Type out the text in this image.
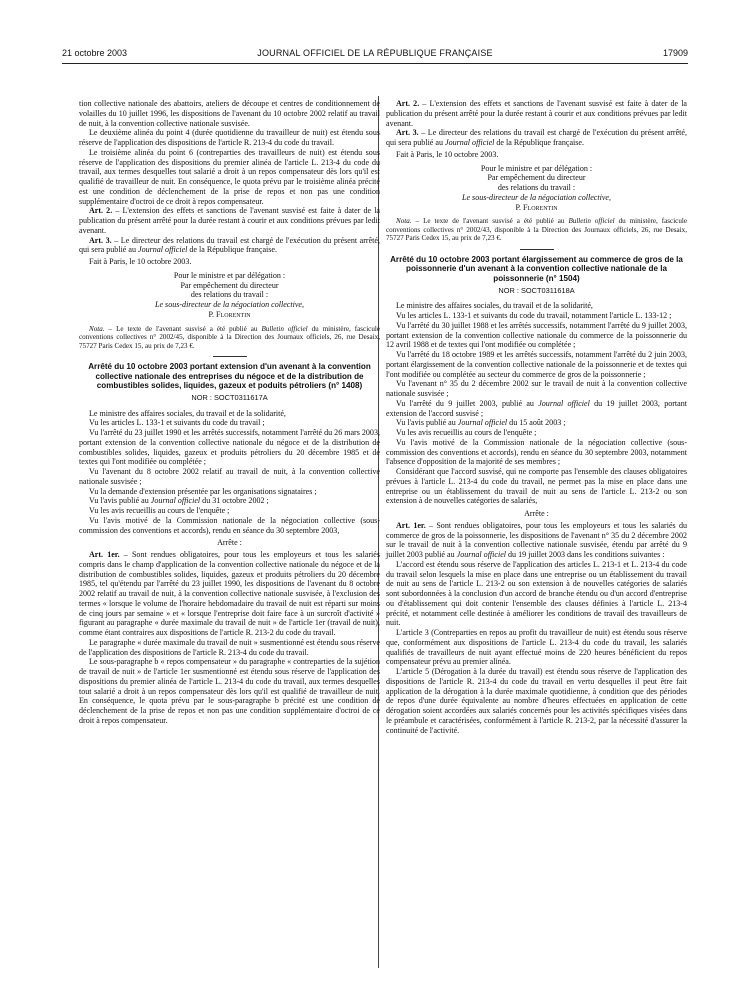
21 octobre 2003	JOURNAL OFFICIEL DE LA RÉPUBLIQUE FRANÇAISE	17909

tion collective nationale des abattoirs, ateliers de découpe et centres de conditionnement de volailles du 10 juillet 1996, les dispositions de l'avenant du 10 octobre 2002 relatif au travail de nuit, à la convention collective nationale susvisée.

Le deuxième alinéa du point 4 (durée quotidienne du travailleur de nuit) est étendu sous réserve de l'application des dispositions de l'article R. 213-4 du code du travail.

Le troisième alinéa du point 6 (contreparties des travailleurs de nuit) est étendu sous réserve de l'application des dispositions du premier alinéa de l'article L. 213-4 du code du travail, aux termes desquelles tout salarié a droit à un repos compensateur dès lors qu'il est qualifié de travailleur de nuit. En conséquence, le quota prévu par le troisième alinéa précité est une condition de déclenchement de la prise de repos et non pas une condition supplémentaire d'octroi de ce droit à repos compensateur.

Art. 2. – L'extension des effets et sanctions de l'avenant susvisé est faite à dater de la publication du présent arrêté pour la durée restant à courir et aux conditions prévues par ledit avenant.

Art. 3. – Le directeur des relations du travail est chargé de l'exécution du présent arrêté, qui sera publié au Journal officiel de la République française.

Fait à Paris, le 10 octobre 2003.

Pour le ministre et par délégation :
Par empêchement du directeur
des relations du travail :
Le sous-directeur de la négociation collective,
P. Florentin

Nota. – Le texte de l'avenant susvisé a été publié au Bulletin officiel du ministère, fascicule conventions collectives n° 2002/45, disponible à la Direction des Journaux officiels, 26, rue Desaix, 75727 Paris Cedex 15, au prix de 7,23 €.

Arrêté du 10 octobre 2003 portant extension d'un avenant à la convention collective nationale des entreprises du négoce et de la distribution de combustibles solides, liquides, gazeux et poduits pétroliers (n° 1408)
NOR : SOCT0311617A

Le ministre des affaires sociales, du travail et de la solidarité,

Vu les articles L. 133-1 et suivants du code du travail ;

Vu l'arrêté du 23 juillet 1990 et les arrêtés successifs, notamment l'arrêté du 26 mars 2003, portant extension de la convention collective nationale du négoce et de la distribution de combustibles solides, liquides, gazeux et produits pétroliers du 20 décembre 1985 et de textes qui l'ont modifiée ou complétée ;

Vu l'avenant du 8 octobre 2002 relatif au travail de nuit, à la convention collective nationale susvisée ;

Vu la demande d'extension présentée par les organisations signataires ;

Vu l'avis publié au Journal officiel du 31 octobre 2002 ;

Vu les avis recueillis au cours de l'enquête ;

Vu l'avis motivé de la Commission nationale de la négociation collective (sous-commission des conventions et accords), rendu en séance du 30 septembre 2003,

Arrête :

Art. 1er. – Sont rendues obligatoires, pour tous les employeurs et tous les salariés compris dans le champ d'application de la convention collective nationale du négoce et de la distribution de combustibles solides, liquides, gazeux et produits pétroliers du 20 décembre 1985, tel qu'étendu par l'arrêté du 23 juillet 1990, les dispositions de l'avenant du 8 octobre 2002 relatif au travail de nuit, à la convention collective nationale susvisée, à l'exclusion des termes « lorsque le volume de l'horaire hebdomadaire du travail de nuit est réparti sur moins de cinq jours par semaine » et « lorsque l'entreprise doit faire face à un surcroît d'activité » figurant au paragraphe « durée maximale du travail de nuit » de l'article 1er (travail de nuit), comme étant contraires aux dispositions de l'article R. 213-2 du code du travail.

Le paragraphe « durée maximale du travail de nuit » susmentionné est étendu sous réserve de l'application des dispositions de l'article R. 213-4 du code du travail.

Le sous-paragraphe b « repos compensateur » du paragraphe « contreparties de la sujétion de travail de nuit » de l'article 1er susmentionné est étendu sous réserve de l'application des dispositions du premier alinéa de l'article L. 213-4 du code du travail, aux termes desquelles tout salarié a droit à un repos compensateur dès lors qu'il est qualifié de travailleur de nuit. En conséquence, le quota prévu par le sous-paragraphe b précité est une condition de déclenchement de la prise de repos et non pas une condition supplémentaire d'octroi de ce droit à repos compensateur.

Art. 2. – L'extension des effets et sanctions de l'avenant susvisé est faite à dater de la publication du présent arrêté pour la durée restant à courir et aux conditions prévues par ledit avenant.

Art. 3. – Le directeur des relations du travail est chargé de l'exécution du présent arrêté, qui sera publié au Journal officiel de la République française.

Fait à Paris, le 10 octobre 2003.

Pour le ministre et par délégation :
Par empêchement du directeur
des relations du travail :
Le sous-directeur de la négociation collective,
P. Florentin

Nota. – Le texte de l'avenant susvisé a été publié au Bulletin officiel du ministère, fascicule conventions collectives n° 2002/43, disponible à la Direction des Journaux officiels, 26, rue Desaix, 75727 Paris Cedex 15, au prix de 7,23 €.

Arrêté du 10 octobre 2003 portant élargissement au commerce de gros de la poissonnerie d'un avenant à la convention collective nationale de la poissonnerie (n° 1504)
NOR : SOCT0311618A

Le ministre des affaires sociales, du travail et de la solidarité,

Vu les articles L. 133-1 et suivants du code du travail, notamment l'article L. 133-12 ;

Vu l'arrêté du 30 juillet 1988 et les arrêtés successifs, notamment l'arrêté du 9 juillet 2003, portant extension de la convention collective nationale du commerce de la poissonnerie du 12 avril 1988 et de textes qui l'ont modifiée ou complétée ;

Vu l'arrêté du 18 octobre 1989 et les arrêtés successifs, notamment l'arrêté du 2 juin 2003, portant élargissement de la convention collective nationale de la poissonnerie et de textes qui l'ont modifiée ou complétée au secteur du commerce de gros de la poissonnerie ;

Vu l'avenant n° 35 du 2 décembre 2002 sur le travail de nuit à la convention collective nationale susvisée ;

Vu l'arrêté du 9 juillet 2003, publié au Journal officiel du 19 juillet 2003, portant extension de l'accord susvisé ;

Vu l'avis publié au Journal officiel du 15 août 2003 ;

Vu les avis recueillis au cours de l'enquête ;

Vu l'avis motivé de la Commission nationale de la négociation collective (sous-commission des conventions et accords), rendu en séance du 30 septembre 2003, notamment l'absence d'opposition de la majorité de ses membres ;

Considérant que l'accord susvisé, qui ne comporte pas l'ensemble des clauses obligatoires prévues à l'article L. 213-4 du code du travail, ne permet pas la mise en place dans une entreprise ou un établissement du travail de nuit au sens de l'article L. 213-2 ou son extension à de nouvelles catégories de salariés,

Arrête :

Art. 1er. – Sont rendues obligatoires, pour tous les employeurs et tous les salariés du commerce de gros de la poissonnerie, les dispositions de l'avenant n° 35 du 2 décembre 2002 sur le travail de nuit à la convention collective nationale susvisée, étendu par arrêté du 9 juillet 2003 publié au Journal officiel du 19 juillet 2003 dans les conditions suivantes :

L'accord est étendu sous réserve de l'application des articles L. 213-1 et L. 213-4 du code du travail selon lesquels la mise en place dans une entreprise ou un établissement du travail de nuit au sens de l'article L. 213-2 ou son extension à de nouvelles catégories de salariés sont subordonnées à la conclusion d'un accord de branche étendu ou d'un accord d'entreprise ou d'établissement qui doit contenir l'ensemble des clauses définies à l'article L. 213-4 précité, et notamment celle destinée à améliorer les conditions de travail des travailleurs de nuit.

L'article 3 (Contreparties en repos au profit du travailleur de nuit) est étendu sous réserve que, conformément aux dispositions de l'article L. 213-4 du code du travail, les salariés qualifiés de travailleurs de nuit ayant effectué moins de 220 heures bénéficient du repos compensateur prévu au premier alinéa.

L'article 5 (Dérogation à la durée du travail) est étendu sous réserve de l'application des dispositions de l'article R. 213-4 du code du travail en vertu desquelles il peut être fait application de la dérogation à la durée maximale quotidienne, à condition que des périodes de repos d'une durée équivalente au nombre d'heures effectuées en application de cette dérogation soient accordées aux salariés concernés pour les activités spécifiques visées dans le préambule et caractérisées, conformément à l'article R. 213-2, par la nécessité d'assurer la continuité de l'activité.
